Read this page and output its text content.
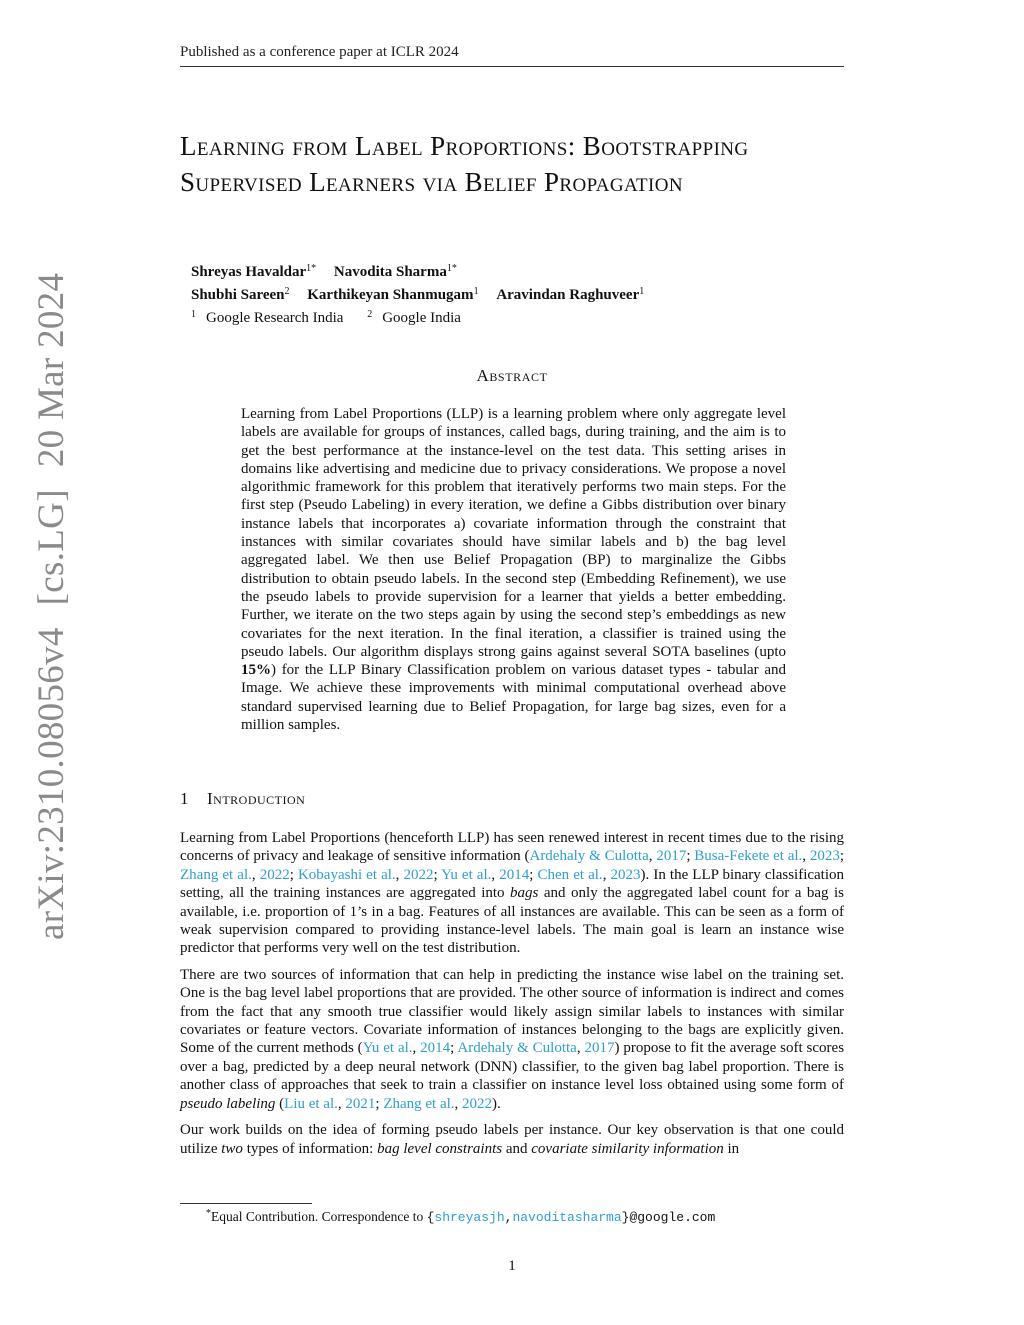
arXiv:2310.08056v4[cs.LG]20 Mar 2024
Published as a conference paper at ICLR 2024
Learning from Label Proportions: Bootstrapping Supervised Learners via Belief Propagation
Shreyas Havaldar$^{1*}$ Navodita Sharma$^{1*}$
Shubhi Sareen$^2$ Karthikeyan Shanmugam$^1$ Aravindan Raghuveer$^1$
$^1$ Google Research India $^2$ Google India
Abstract

Learning from Label Proportions (LLP) is a learning problem where only aggregate level labels are available for groups of instances, called bags, during training, and the aim is to get the best performance at the instance-level on the test data. This setting arises in domains like advertising and medicine due to privacy considerations. We propose a novel algorithmic framework for this problem that iteratively performs two main steps. For the first step (Pseudo Labeling) in every iteration, we define a Gibbs distribution over binary instance labels that incorporates a) covariate information through the constraint that instances with similar covariates should have similar labels and b) the bag level aggregated label. We then use Belief Propagation (BP) to marginalize the Gibbs distribution to obtain pseudo labels. In the second step (Embedding Refinement), we use the pseudo labels to provide supervision for a learner that yields a better embedding. Further, we iterate on the two steps again by using the second step’s embeddings as new covariates for the next iteration. In the final iteration, a classifier is trained using the pseudo labels. Our algorithm displays strong gains against several SOTA baselines (upto 15%) for the LLP Binary Classification problem on various dataset types - tabular and Image. We achieve these improvements with minimal computational overhead above standard supervised learning due to Belief Propagation, for large bag sizes, even for a million samples.

1 Introduction

Learning from Label Proportions (henceforth LLP) has seen renewed interest in recent times due to the rising concerns of privacy and leakage of sensitive information (Ardehaly & Culotta, 2017; Busa-Fekete et al., 2023; Zhang et al., 2022; Kobayashi et al., 2022; Yu et al., 2014; Chen et al., 2023). In the LLP binary classification setting, all the training instances are aggregated into bags and only the aggregated label count for a bag is available, i.e. proportion of 1’s in a bag. Features of all instances are available. This can be seen as a form of weak supervision compared to providing instance-level labels. The main goal is learn an instance wise predictor that performs very well on the test distribution.

There are two sources of information that can help in predicting the instance wise label on the training set. One is the bag level label proportions that are provided. The other source of information is indirect and comes from the fact that any smooth true classifier would likely assign similar labels to instances with similar covariates or feature vectors. Covariate information of instances belonging to the bags are explicitly given. Some of the current methods (Yu et al., 2014; Ardehaly & Culotta, 2017) propose to fit the average soft scores over a bag, predicted by a deep neural network (DNN) classifier, to the given bag label proportion. There is another class of approaches that seek to train a classifier on instance level loss obtained using some form of pseudo labeling (Liu et al., 2021; Zhang et al., 2022).

Our work builds on the idea of forming pseudo labels per instance. Our key observation is that one could utilize two types of information: bag level constraints and covariate similarity information in

*Equal Contribution. Correspondence to {shreyasjh,navoditasharma}@google.com
1
